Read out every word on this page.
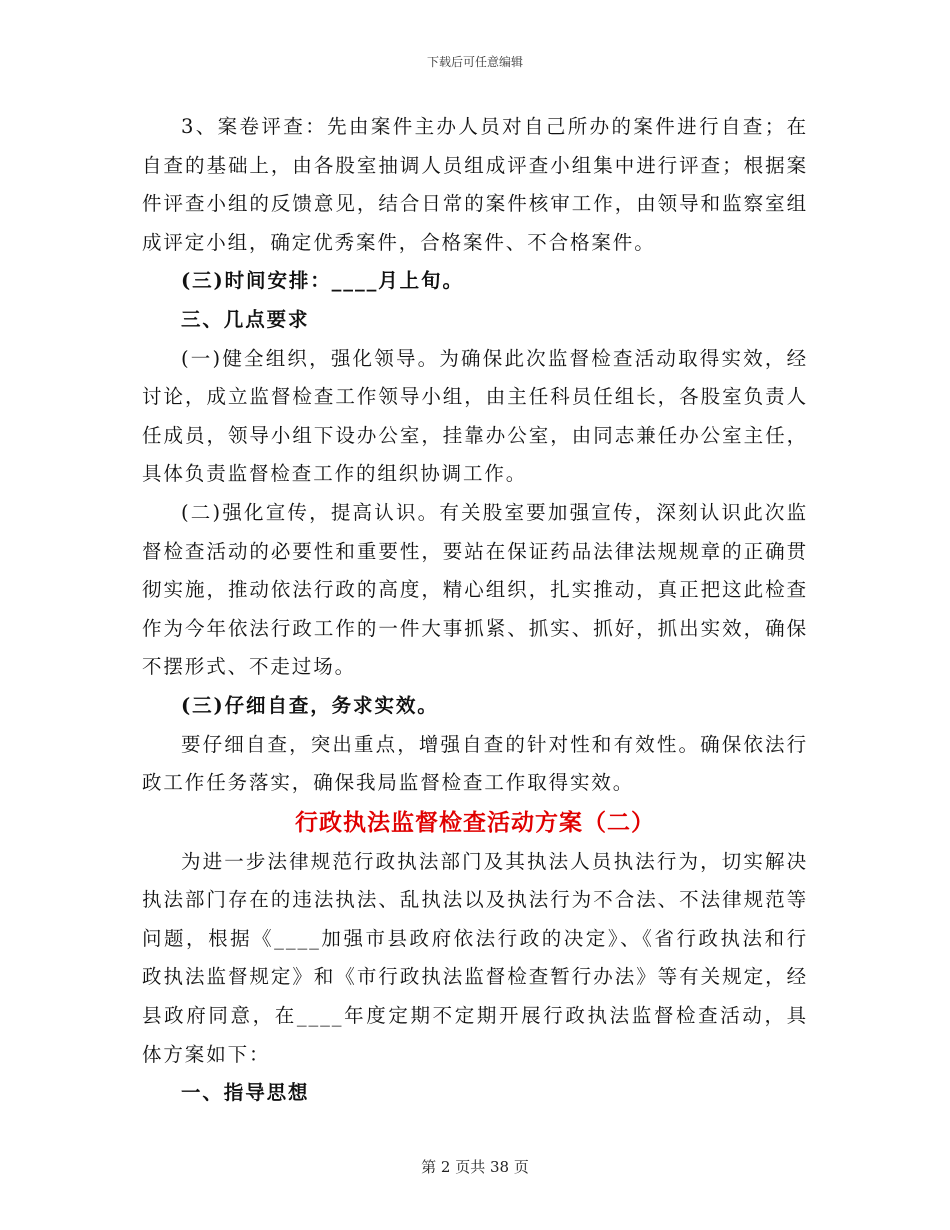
下载后可任意编辑

3、案卷评查：先由案件主办人员对自己所办的案件进行自查；在自查的基础上，由各股室抽调人员组成评查小组集中进行评查；根据案件评查小组的反馈意见，结合日常的案件核审工作，由领导和监察室组成评定小组，确定优秀案件，合格案件、不合格案件。

(三)时间安排：____月上旬。

三、几点要求

(一)健全组织，强化领导。为确保此次监督检查活动取得实效，经讨论，成立监督检查工作领导小组，由主任科员任组长，各股室负责人任成员，领导小组下设办公室，挂靠办公室，由同志兼任办公室主任，具体负责监督检查工作的组织协调工作。

(二)强化宣传，提高认识。有关股室要加强宣传，深刻认识此次监督检查活动的必要性和重要性，要站在保证药品法律法规规章的正确贯彻实施，推动依法行政的高度，精心组织，扎实推动，真正把这此检查作为今年依法行政工作的一件大事抓紧、抓实、抓好，抓出实效，确保不摆形式、不走过场。

(三)仔细自查，务求实效。

要仔细自查，突出重点，增强自查的针对性和有效性。确保依法行政工作任务落实，确保我局监督检查工作取得实效。

行政执法监督检查活动方案（二）

为进一步法律规范行政执法部门及其执法人员执法行为，切实解决执法部门存在的违法执法、乱执法以及执法行为不合法、不法律规范等问题，根据《____加强市县政府依法行政的决定》、《省行政执法和行政执法监督规定》和《市行政执法监督检查暂行办法》等有关规定，经县政府同意，在____年度定期不定期开展行政执法监督检查活动，具体方案如下：

一、指导思想

第 2 页共 38 页
